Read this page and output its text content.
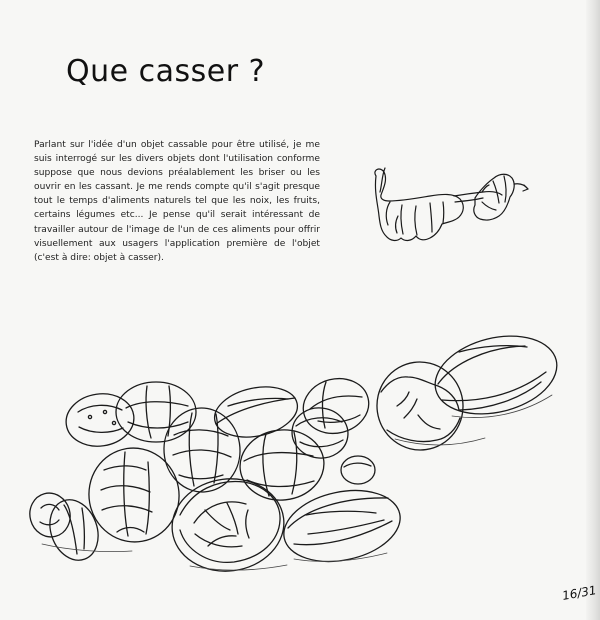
Que casser ?
Parlant sur l'idée d'un objet cassable pour être utilisé, je me suis interrogé sur les divers objets dont l'utilisation conforme suppose que nous devions préalablement les briser ou les ouvrir en les cassant. Je me rends compte qu'il s'agit presque tout le temps d'aliments naturels tel que les noix, les fruits, certains légumes etc... Je pense qu'il serait intéressant de travailler autour de l'image de l'un de ces aliments pour offrir visuellement aux usagers l'application première de l'objet (c'est à dire: objet à casser).
16/31
